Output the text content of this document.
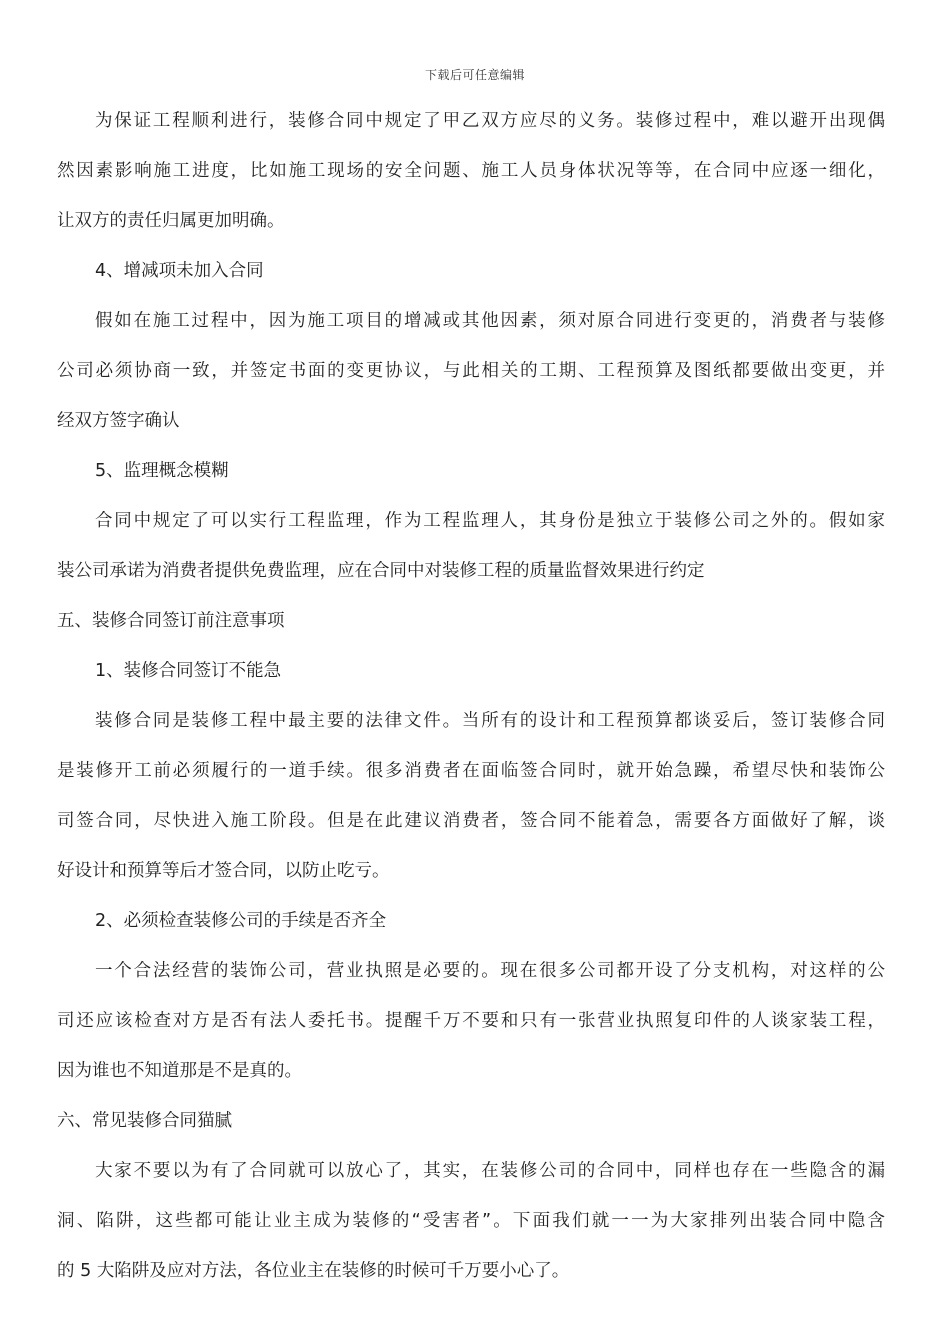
下载后可任意编辑
为保证工程顺利进行，装修合同中规定了甲乙双方应尽的义务。装修过程中，难以避开出现偶
然因素影响施工进度，比如施工现场的安全问题、施工人员身体状况等等，在合同中应逐一细化，
让双方的责任归属更加明确。
4、增减项未加入合同
假如在施工过程中，因为施工项目的增减或其他因素，须对原合同进行变更的，消费者与装修
公司必须协商一致，并签定书面的变更协议，与此相关的工期、工程预算及图纸都要做出变更，并
经双方签字确认
5、监理概念模糊
合同中规定了可以实行工程监理，作为工程监理人，其身份是独立于装修公司之外的。假如家
装公司承诺为消费者提供免费监理，应在合同中对装修工程的质量监督效果进行约定
五、装修合同签订前注意事项
1、装修合同签订不能急
装修合同是装修工程中最主要的法律文件。当所有的设计和工程预算都谈妥后，签订装修合同
是装修开工前必须履行的一道手续。很多消费者在面临签合同时，就开始急躁，希望尽快和装饰公
司签合同，尽快进入施工阶段。但是在此建议消费者，签合同不能着急，需要各方面做好了解，谈
好设计和预算等后才签合同，以防止吃亏。
2、必须检查装修公司的手续是否齐全
一个合法经营的装饰公司，营业执照是必要的。现在很多公司都开设了分支机构，对这样的公
司还应该检查对方是否有法人委托书。提醒千万不要和只有一张营业执照复印件的人谈家装工程，
因为谁也不知道那是不是真的。
六、常见装修合同猫腻
大家不要以为有了合同就可以放心了，其实，在装修公司的合同中，同样也存在一些隐含的漏
洞、陷阱，这些都可能让业主成为装修的“受害者”。下面我们就一一为大家排列出装合同中隐含
的 5 大陷阱及应对方法，各位业主在装修的时候可千万要小心了。
